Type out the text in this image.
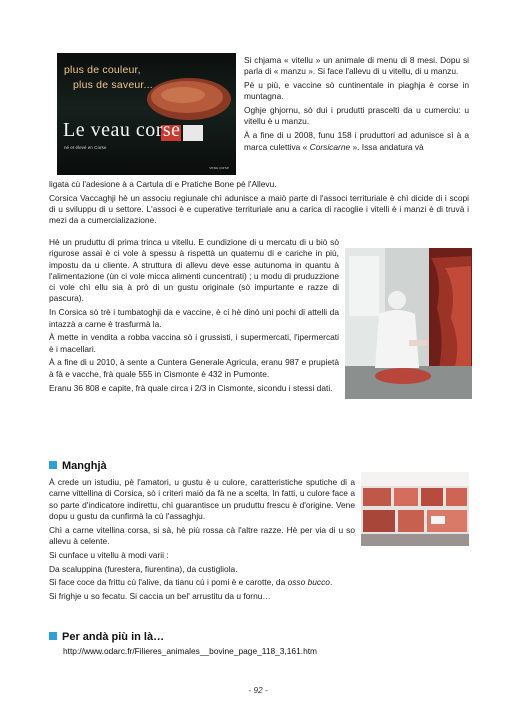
plus de couleur,
plus de saveur...
Le veau corse
né et élevé en Corse
veau corse

Si chjama « vitellu » un animale di menu di 8 mesi. Dopu si parla di « manzu ». Si face l'allevu di u vitellu, di u manzu.

Pè u più, e vaccine sò cuntinentale in piaghja è corse in muntagna.

Oghje ghjornu, sò dui i prudutti prasceltì da u cumerciu: u vitellu è u manzu.

À a fine di u 2008, funu 158 i pruduttori ad adunisce sì à a marca culettiva « Corsicarne ». Issa andatura và

ligata cù l'adesione à a Cartula di e Pratiche Bone pè l'Allevu.

Corsica Vaccaghji hè un associu regiunale chì adunisce a maiò parte di l'associ territuriale è chì dicide di i scopi di u sviluppu di u settore. L'associ è e cuperative territuriale anu a carica di racoglie i vitelli è i manzi è di truvà i mezi da a cumercializazione.

Hè un pruduttu di prima trinca u vitellu. E cundizione di u mercatu di u biò sò rigurose assai è ci vole à spessu à rispettà un quaternu di e cariche in più, impostu da u cliente. A struttura di allevu deve esse autunoma in quantu à l'alimentazione (ùn ci vole micca alimenti cuncentrati) ; u modu di pruduzzione ci vole chì ellu sia à prò di un gustu originale (sò impurtante e razze di pascura).

In Corsica sò trè i tumbatoghji da e vaccine, è ci hè dinò uni pochi di attelli da intazzà a carne è trasfurmà la.

À mette in vendita a robba vaccina sò i grussisti, i supermercati, l'ipermercati è i macellari.

À a fine di u 2010, à sente a Cuntera Generale Agricula, eranu 987 e prupietà à fà e vacche, frà quale 555 in Cismonte è 432 in Pumonte.

Eranu 36 808 e capite, frà quale circa i 2/3 in Cismonte, sicondu i stessi dati.

Manghjà

À crede un istudiu, pè l'amatori, u gustu è u culore, caratteristiche sputiche di a carne vittellina di Corsica, sò i criteri maiò da fà ne a scelta. In fatti, u culore face a so parte d'indicatore indirettu, chì guarantisce un pruduttu frescu è d'origine. Vene dopu u gustu da cunfirmà la cù l'assaghju.

Chì a carne vitellina corsa, si sà, hè più rossa cà l'altre razze. Hè per via di u so allevu à celente.

Si cunface u vitellu à modi varii :

Da scaluppina (furestera, fiurentina), da custigliola.

Si face coce da frittu cù l'alive, da tianu cù i pomi è e carotte, da osso bucco.

Si frighje u so fecatu. Si caccia un bel' arrustitu da u fornu…

Per andà più in là…
http://www.odarc.fr/Filieres_animales__bovine_page_118_3,161.htm
- 92 -
